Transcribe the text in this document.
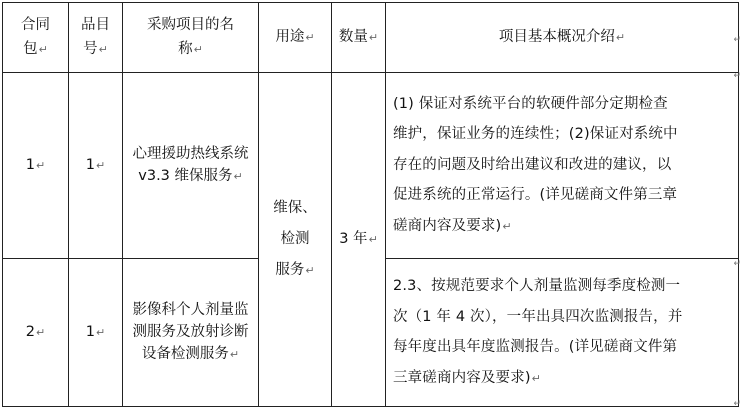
合同
包↵	品目
号↵	采购项目的名
称↵	用途↵	数量↵	项目基本概况介绍↵
1↵	1↵	心理援助热线系统 v3.3 维保服务↵	维保、
检测
服务↵	3 年↵	(1) 保证对系统平台的软硬件部分定期检查
维护，保证业务的连续性；(2)保证对系统中
存在的问题及时给出建议和改进的建议，以
促进系统的正常运行。(详见磋商文件第三章
磋商内容及要求)↵
2↵	1↵	影像科个人剂量监测服务及放射诊断设备检测服务↵			2.3、按规范要求个人剂量监测每季度检测一
次（1 年 4 次），一年出具四次监测报告，并
每年度出具年度监测报告。(详见磋商文件第
三章磋商内容及要求)↵
↵
↵
↵
↵
